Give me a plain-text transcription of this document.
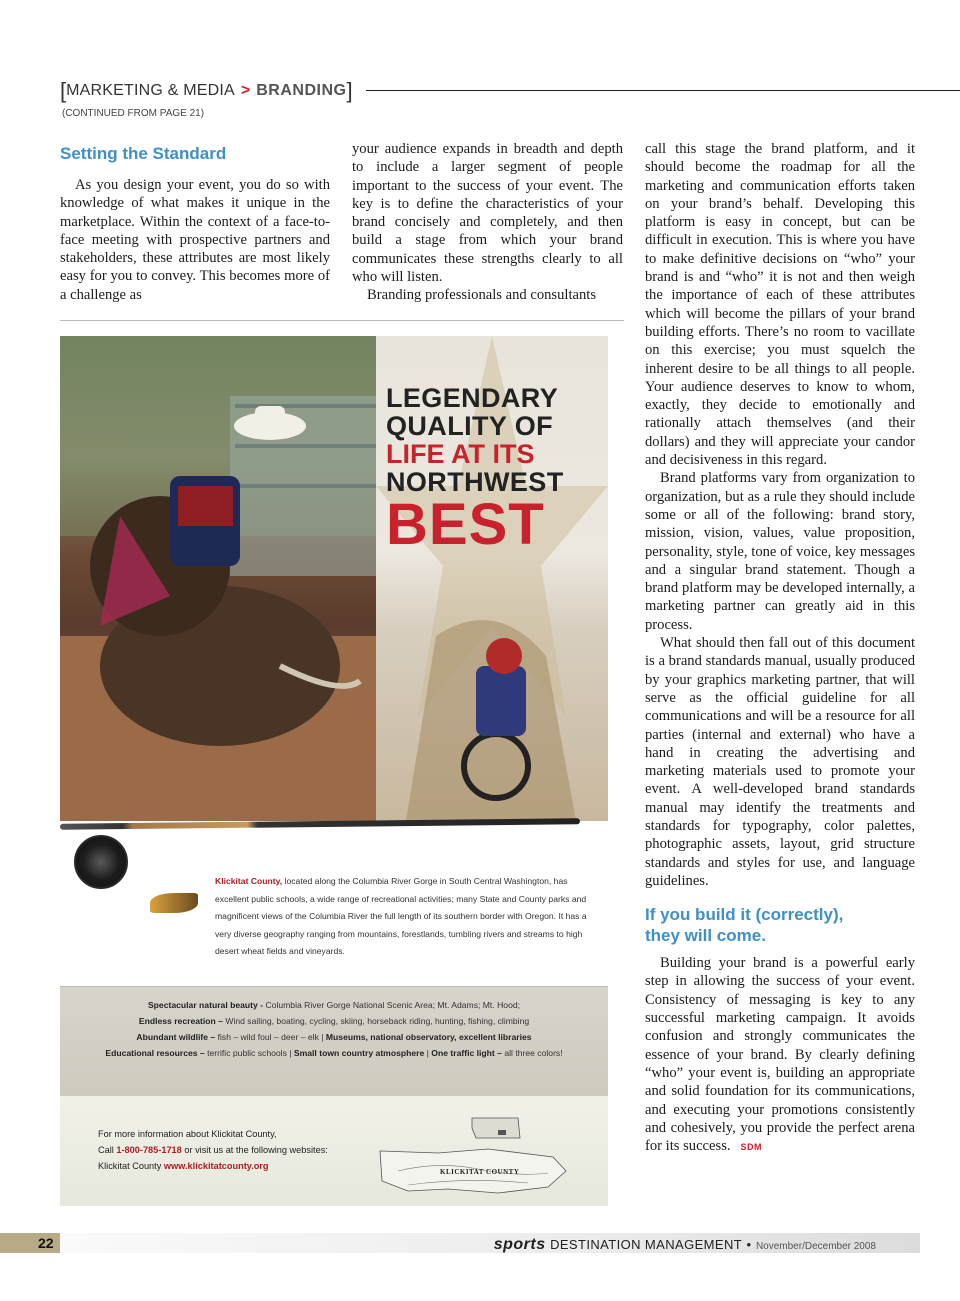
[MARKETING & MEDIA > BRANDING]
(CONTINUED FROM PAGE 21)
Setting the Standard

As you design your event, you do so with knowledge of what makes it unique in the marketplace. Within the context of a face-to-face meeting with prospective partners and stakeholders, these attributes are most likely easy for you to convey. This becomes more of a challenge as

your audience expands in breadth and depth to include a larger segment of people important to the success of your event. The key is to define the characteristics of your brand concisely and completely, and then build a stage from which your brand communicates these strengths clearly to all who will listen.

Branding professionals and consultants

call this stage the brand platform, and it should become the roadmap for all the marketing and communication efforts taken on your brand’s behalf. Developing this platform is easy in concept, but can be difficult in execution. This is where you have to make definitive decisions on “who” your brand is and “who” it is not and then weigh the importance of each of these attributes which will become the pillars of your brand building efforts. There’s no room to vacillate on this exercise; you must squelch the inherent desire to be all things to all people. Your audience deserves to know to whom, exactly, they decide to emotionally and rationally attach themselves (and their dollars) and they will appreciate your candor and decisiveness in this regard.

Brand platforms vary from organization to organization, but as a rule they should include some or all of the following: brand story, mission, vision, values, value proposition, personality, style, tone of voice, key messages and a singular brand statement. Though a brand platform may be developed internally, a marketing partner can greatly aid in this process.

What should then fall out of this document is a brand standards manual, usually produced by your graphics marketing partner, that will serve as the official guideline for all communications and will be a resource for all parties (internal and external) who have a hand in creating the advertising and marketing materials used to promote your event. A well-developed brand standards manual may identify the treatments and standards for typography, color palettes, photographic assets, layout, grid structure standards and styles for use, and language guidelines.

If you build it (correctly),
they will come.

Building your brand is a powerful early step in allowing the success of your event. Consistency of messaging is key to any successful marketing campaign. It avoids confusion and strongly communicates the essence of your brand. By clearly defining “who” your event is, building an appropriate and solid foundation for its communications, and executing your promotions consistently and cohesively, you provide the perfect arena for its success. SDM

LEGENDARY
QUALITY OF
LIFE AT ITS
NORTHWEST
BEST
Klickitat County, located along the Columbia River Gorge in South Central Washington, has excellent public schools, a wide range of recreational activities; many State and County parks and magnificent views of the Columbia River the full length of its southern border with Oregon. It has a very diverse geography ranging from mountains, forestlands, tumbling rivers and streams to high desert wheat fields and vineyards.
Spectacular natural beauty - Columbia River Gorge National Scenic Area; Mt. Adams; Mt. Hood;
Endless recreation – Wind sailing, boating, cycling, skiing, horseback riding, hunting, fishing, climbing
Abundant wildlife – fish – wild foul – deer – elk | Museums, national observatory, excellent libraries
Educational resources – terrific public schools | Small town country atmosphere | One traffic light – all three colors!
For more information about Klickitat County,
Call 1-800-785-1718 or visit us at the following websites:
Klickitat County www.klickitatcounty.org
KLICKITAT COUNTY
22	sports DESTINATION MANAGEMENT • November/December 2008
